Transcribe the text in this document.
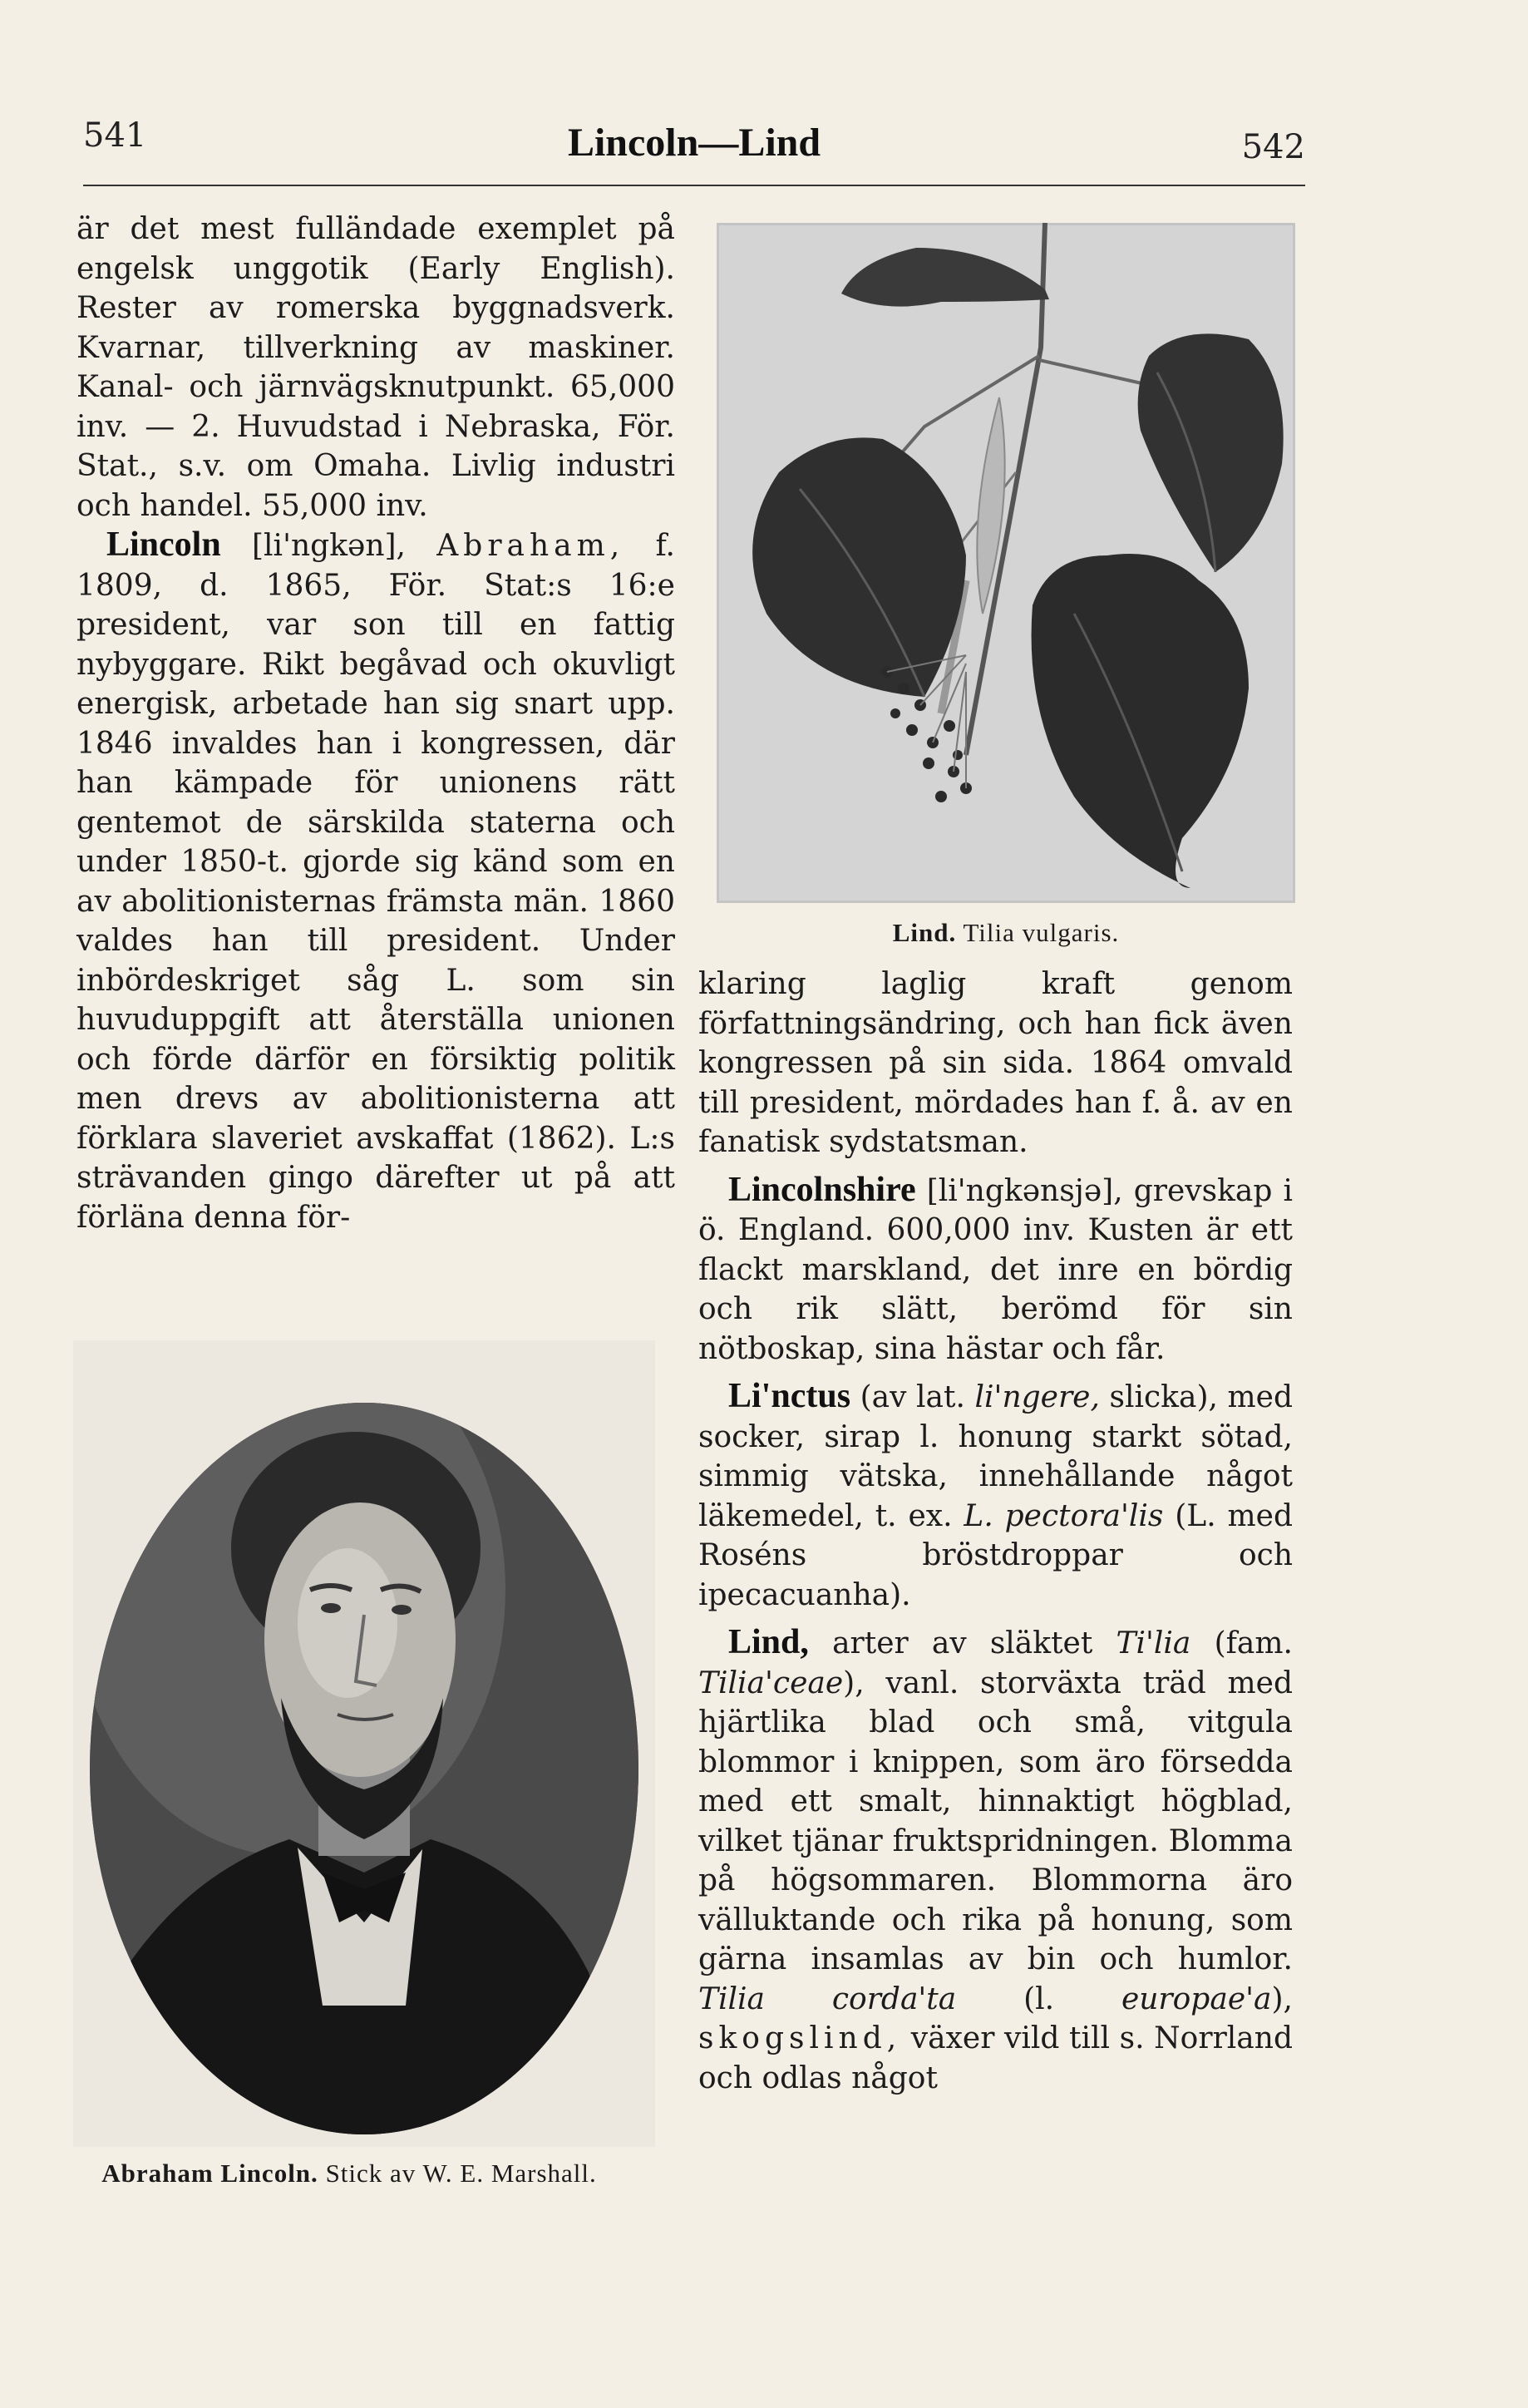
541	Lincoln—Lind	542

är det mest fulländade exemplet på engelsk unggotik (Early English). Rester av romerska byggnadsverk. Kvarnar, tillverkning av maskiner. Kanal- och järnvägsknutpunkt. 65,000 inv. — 2. Huvudstad i Nebraska, För. Stat., s.v. om Omaha. Livlig industri och handel. 55,000 inv.

 Lincoln [li'ngkən], Abraham, f. 1809, d. 1865, För. Stat:s 16:e president, var son till en fattig nybyggare. Rikt begåvad och okuvligt energisk, arbetade han sig snart upp. 1846 invaldes han i kongressen, där han kämpade för unionens rätt gentemot de särskilda staterna och under 1850-t. gjorde sig känd som en av abolitionisternas främsta män. 1860 valdes han till president. Under inbördeskriget såg L. som sin huvuduppgift att återställa unionen och förde därför en försiktig politik men drevs av abolitionisterna att förklara slaveriet avskaffat (1862). L:s strävanden gingo därefter ut på att förläna denna för-

Lind. Tilia vulgaris.
Abraham Lincoln. Stick av W. E. Marshall.

klaring laglig kraft genom författningsändring, och han fick även kongressen på sin sida. 1864 omvald till president, mördades han f. å. av en fanatisk sydstatsman.

 Lincolnshire [li'ngkənsjə], grevskap i ö. England. 600,000 inv. Kusten är ett flackt marskland, det inre en bördig och rik slätt, berömd för sin nötboskap, sina hästar och får.

 Li'nctus (av lat. li'ngere, slicka), med socker, sirap l. honung starkt sötad, simmig vätska, innehållande något läkemedel, t. ex. L. pectora'lis (L. med Roséns bröstdroppar och ipecacuanha).

 Lind, arter av släktet Ti'lia (fam. Tilia'ceae), vanl. storväxta träd med hjärtlika blad och små, vitgula blommor i knippen, som äro försedda med ett smalt, hinnaktigt högblad, vilket tjänar fruktspridningen. Blomma på högsommaren. Blommorna äro välluktande och rika på honung, som gärna insamlas av bin och humlor. Tilia corda'ta (l. europae'a), skogslind, växer vild till s. Norrland och odlas något
